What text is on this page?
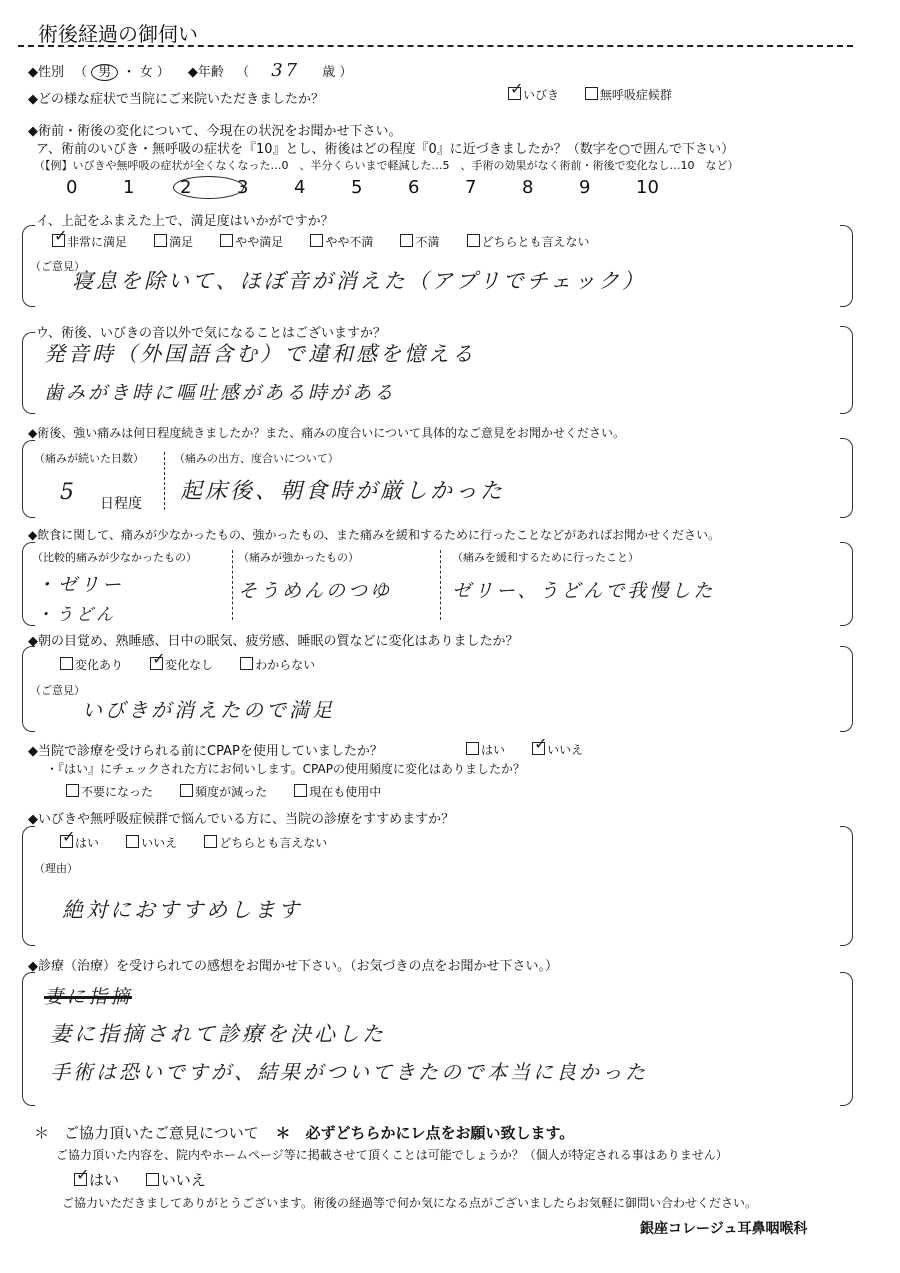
術後経過の御伺い
◆性別 （ 男 ・ 女 ） ◆年齢 （ 37 歳 ）
◆どの様な症状で当院にご来院いただきましたか？ ✓	いびき	無呼吸症候群
◆術前・術後の変化について、今現在の状況をお聞かせ下さい。
ア、術前のいびき・無呼吸の症状を『10』とし、術後はどの程度『0』に近づきましたか？（数字を○で囲んで下さい）
（【例】いびきや無呼吸の症状が全くなくなった…0　、半分くらいまで軽減した…5　、手術の効果がなく術前・術後で変化なし…10　など）
0	1	2	3	4	5	6	7	8	9	10
イ、上記をふまえた上で、満足度はいかがですか？
✓非常に満足	満足	やや満足	やや不満	不満	どちらとも言えない
（ご意見）
寝息を除いて、ほぼ音が消えた（アプリでチェック）
ウ、術後、いびきの音以外で気になることはございますか？
発音時（外国語含む）で違和感を憶える
歯みがき時に嘔吐感がある時がある
◆術後、強い痛みは何日程度続きましたか？また、痛みの度合いについて具体的なご意見をお聞かせください。
（痛みが続いた日数）
5 日程度
（痛みの出方、度合いについて）
起床後、朝食時が厳しかった
◆飲食に関して、痛みが少なかったもの、強かったもの、また痛みを緩和するために行ったことなどがあればお聞かせください。
（比較的痛みが少なかったもの）
・ゼリー
・うどん
（痛みが強かったもの）
そうめんのつゆ
（痛みを緩和するために行ったこと）
ゼリー、うどんで我慢した
◆朝の目覚め、熟睡感、日中の眠気、疲労感、睡眠の質などに変化はありましたか？
変化あり ✓	変化なし	わからない
（ご意見）
いびきが消えたので満足
◆当院で診療を受けられる前にCPAPを使用していましたか？	はい ✓	いいえ
・『はい』にチェックされた方にお伺いします。CPAPの使用頻度に変化はありましたか？
不要になった	頻度が減った	現在も使用中
◆いびきや無呼吸症候群で悩んでいる方に、当院の診療をすすめますか？
✓はい	いいえ	どちらとも言えない
（理由）
絶対におすすめします
◆診療（治療）を受けられての感想をお聞かせ下さい。（お気づきの点をお聞かせ下さい。）
妻に指摘
妻に指摘されて診療を決心した
手術は恐いですが、結果がついてきたので本当に良かった
＊　ご協力頂いたご意見について ＊　必ずどちらかにレ点をお願い致します。
ご協力頂いた内容を、院内やホームページ等に掲載させて頂くことは可能でしょうか？（個人が特定される事はありません）
✓はい	いいえ
ご協力いただきましてありがとうございます。術後の経過等で何か気になる点がございましたらお気軽に御問い合わせください。
銀座コレージュ耳鼻咽喉科
